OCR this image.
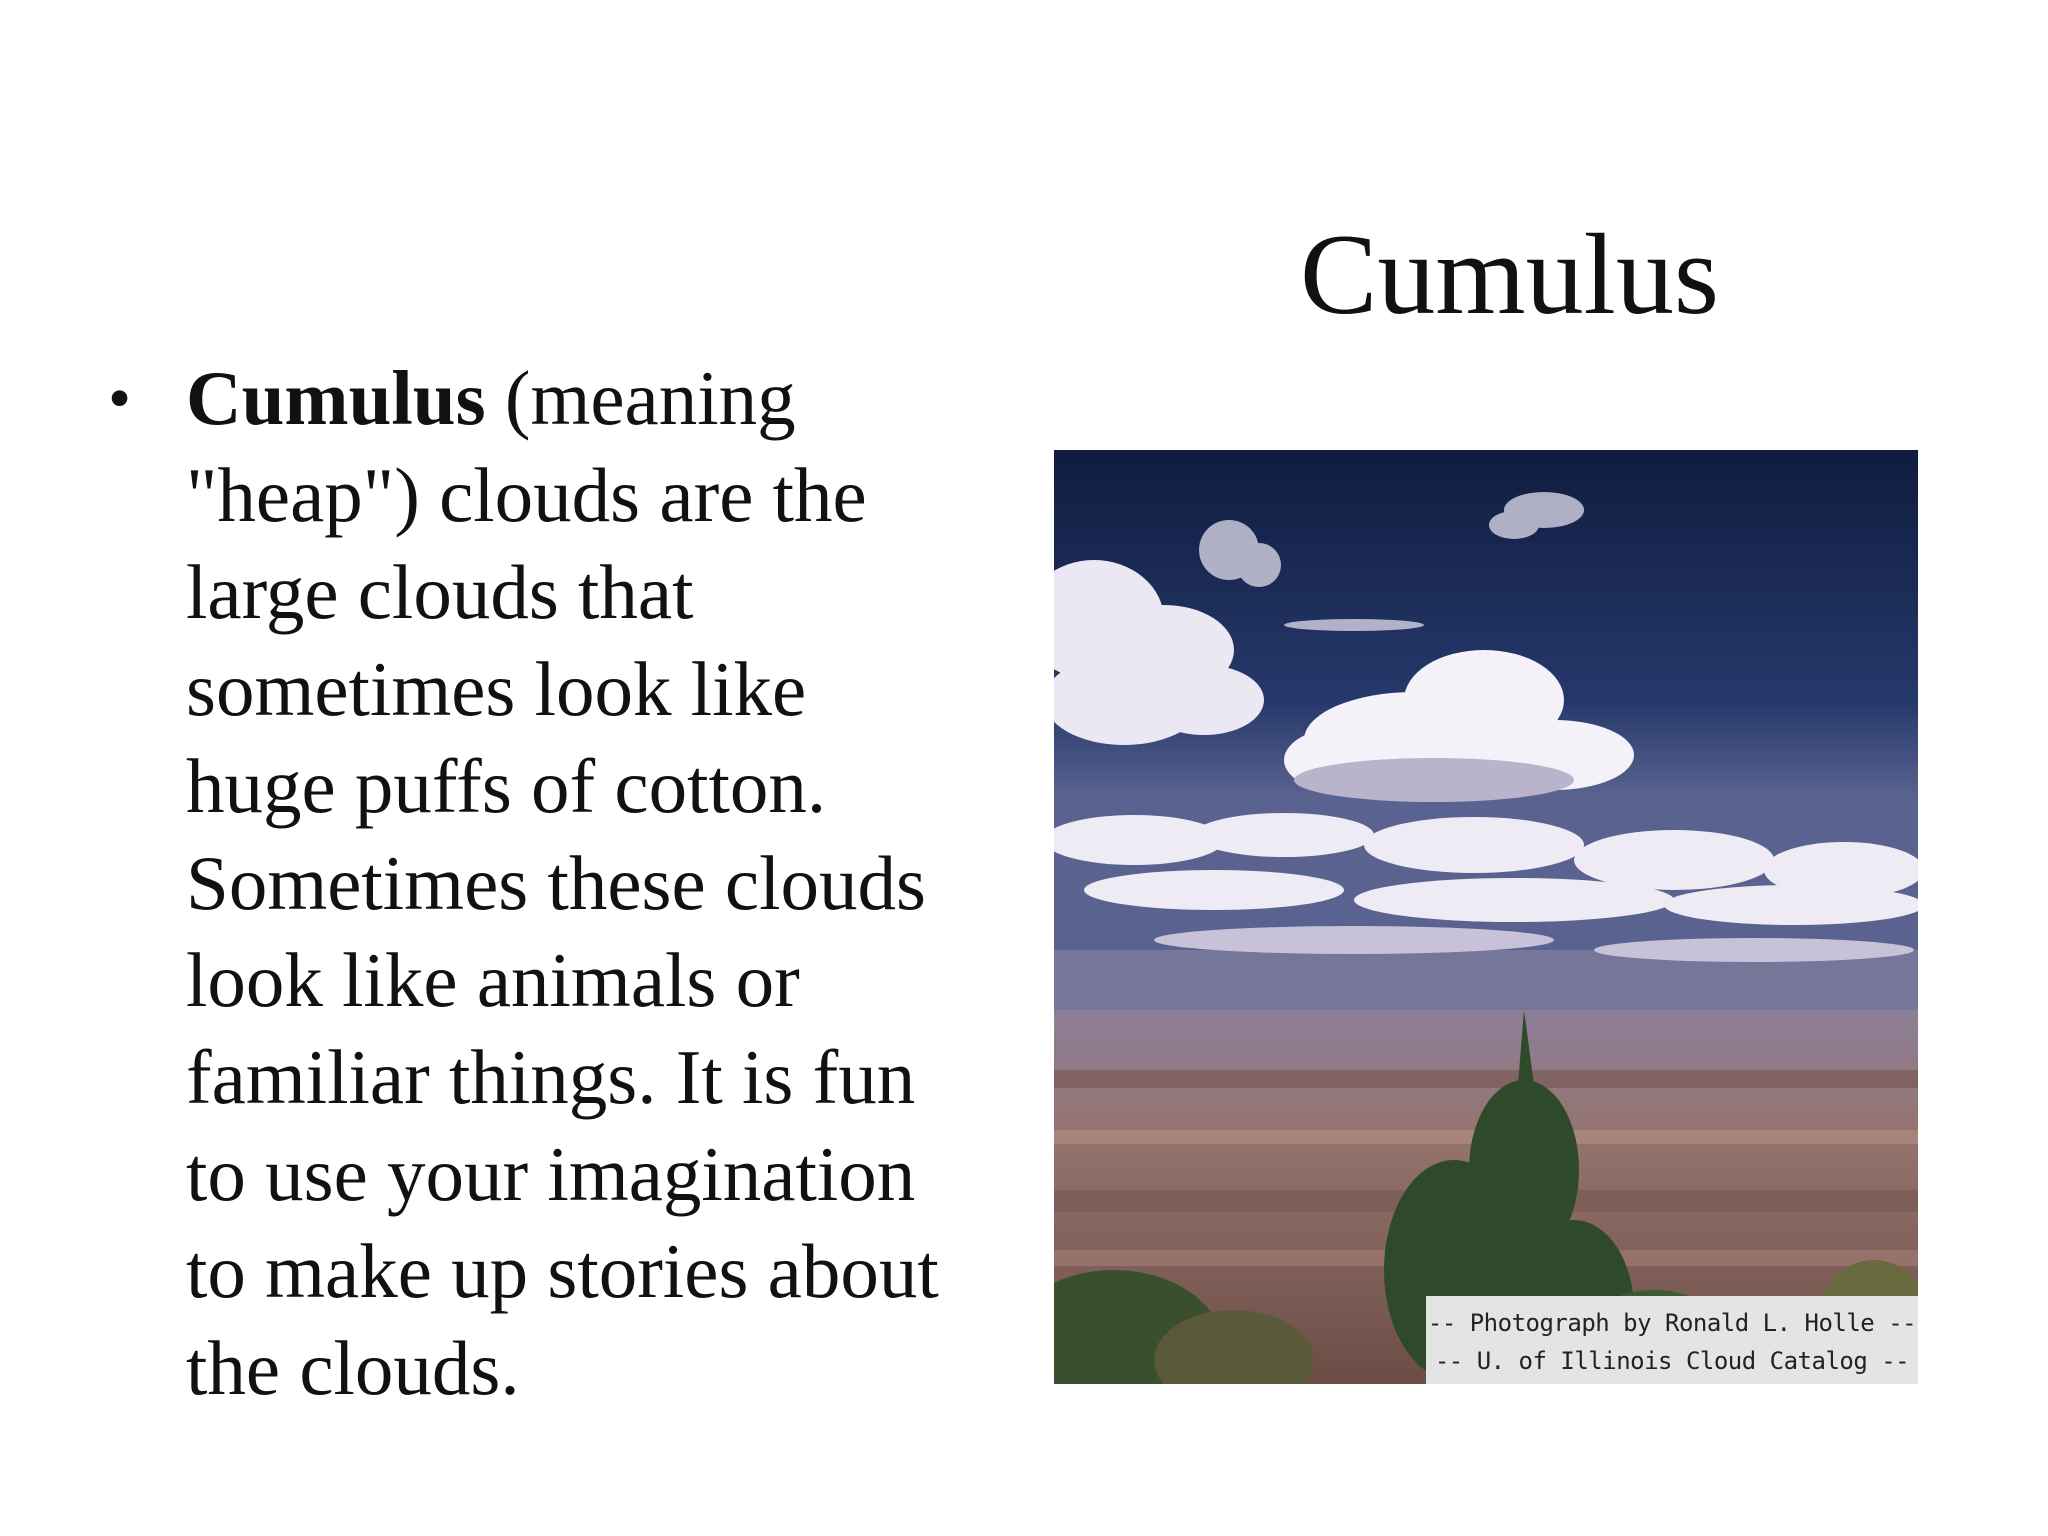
Cumulus
• Cumulus (meaning
"heap") clouds are the
large clouds that
sometimes look like
huge puffs of cotton.
Sometimes these clouds
look like animals or
familiar things. It is fun
to use your imagination
to make up stories about
the clouds.
-- Photograph by Ronald L. Holle --
-- U. of Illinois Cloud Catalog --
